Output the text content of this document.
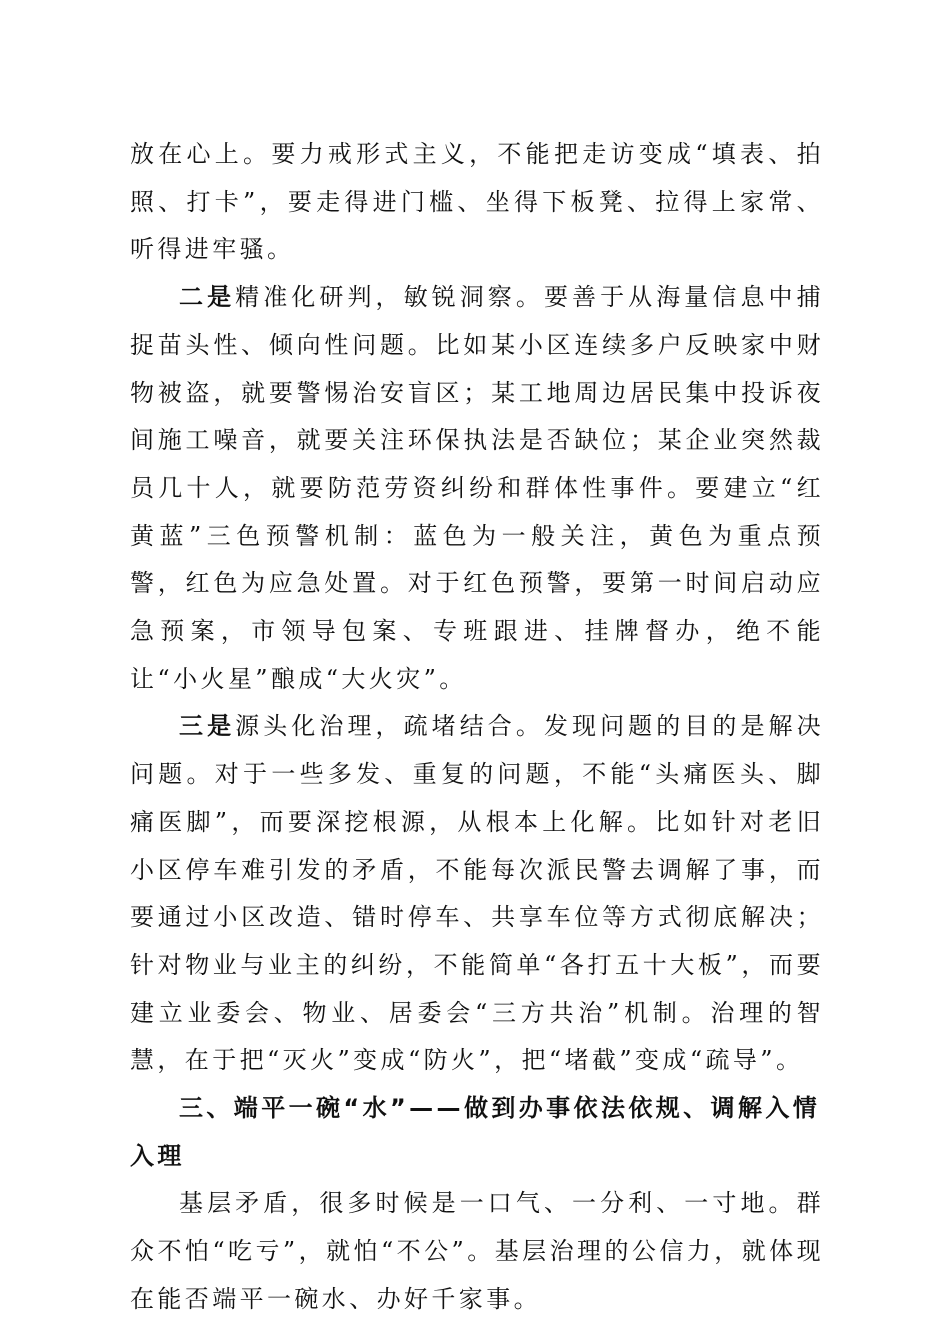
放在心上。要力戒形式主义，不能把走访变成“填表、拍照、打卡”，要走得进门槛、坐得下板凳、拉得上家常、听得进牢骚。

二是精准化研判，敏锐洞察。要善于从海量信息中捕捉苗头性、倾向性问题。比如某小区连续多户反映家中财物被盗，就要警惕治安盲区；某工地周边居民集中投诉夜间施工噪音，就要关注环保执法是否缺位；某企业突然裁员几十人，就要防范劳资纠纷和群体性事件。要建立“红黄蓝”三色预警机制：蓝色为一般关注，黄色为重点预警，红色为应急处置。对于红色预警，要第一时间启动应急预案，市领导包案、专班跟进、挂牌督办，绝不能让“小火星”酿成“大火灾”。

三是源头化治理，疏堵结合。发现问题的目的是解决问题。对于一些多发、重复的问题，不能“头痛医头、脚痛医脚”，而要深挖根源，从根本上化解。比如针对老旧小区停车难引发的矛盾，不能每次派民警去调解了事，而要通过小区改造、错时停车、共享车位等方式彻底解决；针对物业与业主的纠纷，不能简单“各打五十大板”，而要建立业委会、物业、居委会“三方共治”机制。治理的智慧，在于把“灭火”变成“防火”，把“堵截”变成“疏导”。

三、端平一碗“水”——做到办事依法依规、调解入情入理

基层矛盾，很多时候是一口气、一分利、一寸地。群众不怕“吃亏”，就怕“不公”。基层治理的公信力，就体现在能否端平一碗水、办好千家事。
